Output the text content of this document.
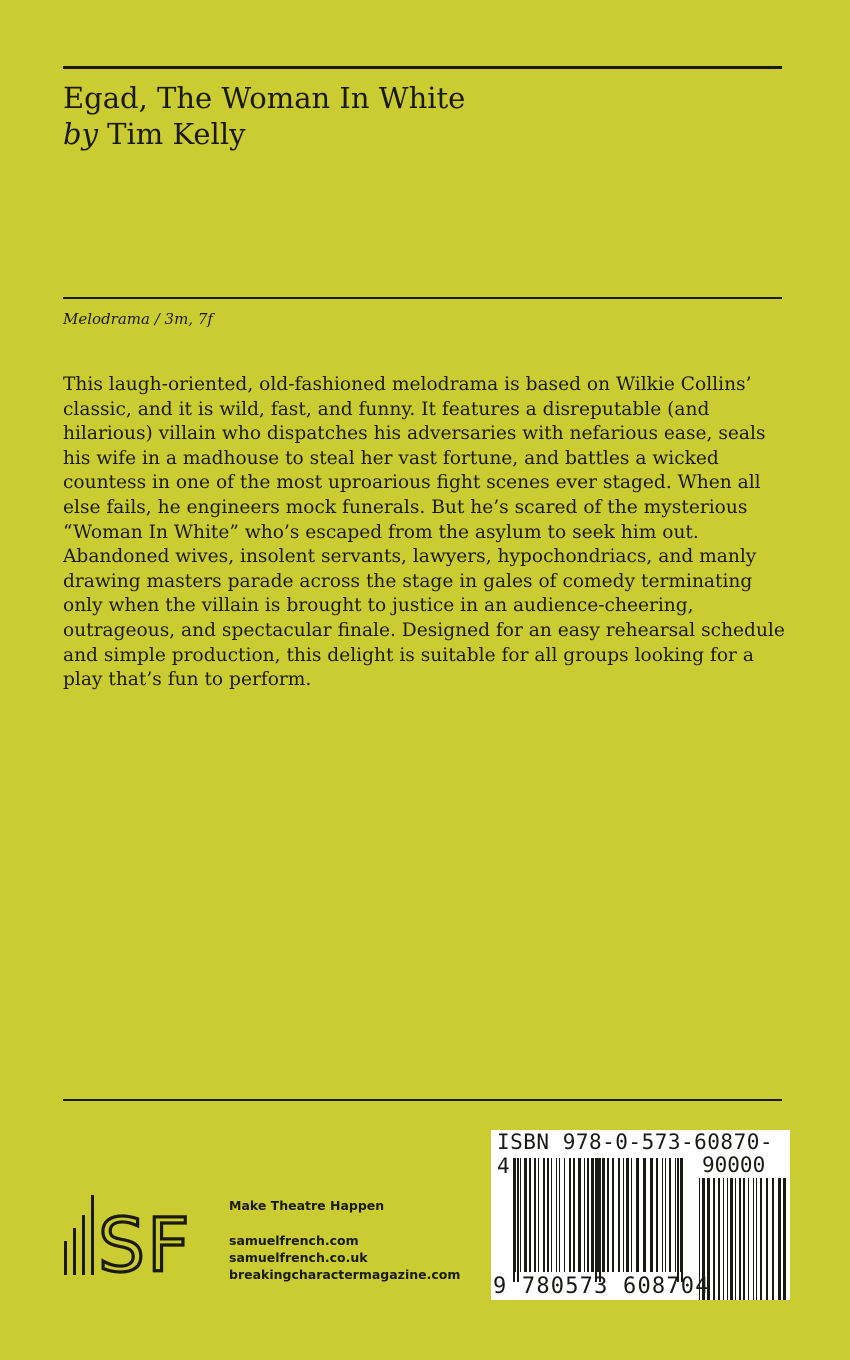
Egad, The Woman In White

by Tim Kelly

Melodrama / 3m, 7f

This laugh-oriented, old-fashioned melodrama is based on Wilkie Collins’ classic, and it is wild, fast, and funny. It features a disreputable (and hilarious) villain who dispatches his adversaries with nefarious ease, seals his wife in a madhouse to steal her vast fortune, and battles a wicked countess in one of the most uproarious fight scenes ever staged. When all else fails, he engineers mock funerals. But he’s scared of the mysterious “Woman In White” who’s escaped from the asylum to seek him out. Abandoned wives, insolent servants, lawyers, hypochondriacs, and manly drawing masters parade across the stage in gales of comedy terminating only when the villain is brought to justice in an audience-cheering, outrageous, and spectacular finale. Designed for an easy rehearsal schedule and simple production, this delight is suitable for all groups looking for a play that’s fun to perform.

SF	Make Theatre Happen

samuelfrench.com

samuelfrench.co.uk

breakingcharactermagazine.com

ISBN 978-0-573-60870-4	90000
9 780573 608704
